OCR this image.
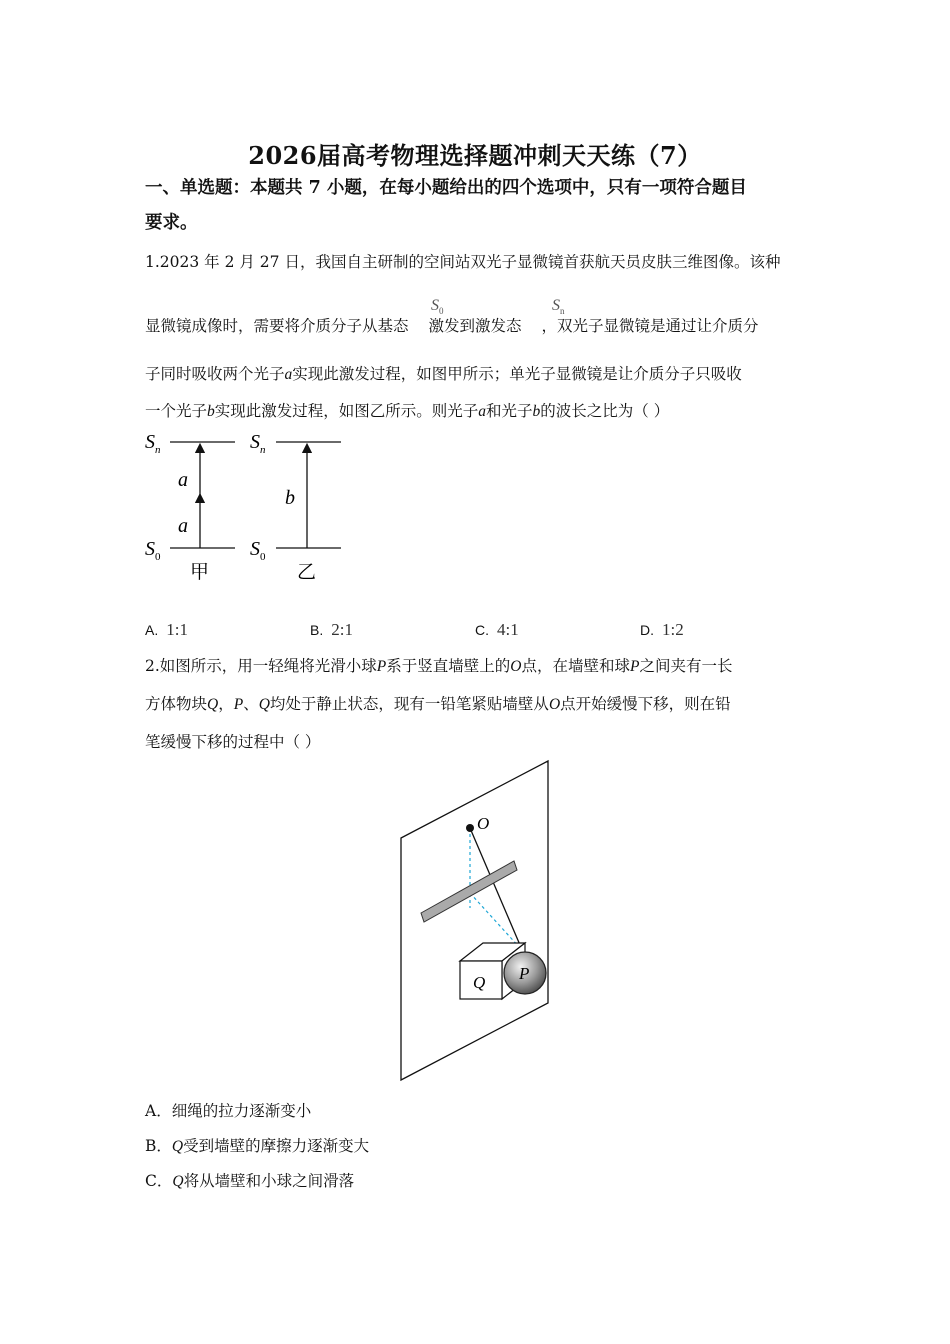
2026届高考物理选择题冲刺天天练（7）
一、单选题：本题共 7 小题，在每小题给出的四个选项中，只有一项符合题目
要求。
1.2023 年 2 月 27 日，我国自主研制的空间站双光子显微镜首获航天员皮肤三维图像。该种
显微镜成像时，需要将介质分子从基态 激发到激发态 ，双光子显微镜是通过让介质分
$S_0$	$S_n$
子同时吸收两个光子a实现此激发过程，如图甲所示；单光子显微镜是让介质分子只吸收
一个光子b实现此激发过程，如图乙所示。则光子a和光子b的波长之比为（ ）
$S_n$
$S_0$
a
a
甲
$S_n$
$S_0$
b
乙
A. 1:1	B. 2:1	C. 4:1	D. 1:2
2.如图所示，用一轻绳将光滑小球P系于竖直墙壁上的O点，在墙壁和球P之间夹有一长
方体物块Q，P、Q均处于静止状态，现有一铅笔紧贴墙壁从O点开始缓慢下移，则在铅
笔缓慢下移的过程中（ ）
O
Q P
A．细绳的拉力逐渐变小
B．Q受到墙壁的摩擦力逐渐变大
C．Q将从墙壁和小球之间滑落
